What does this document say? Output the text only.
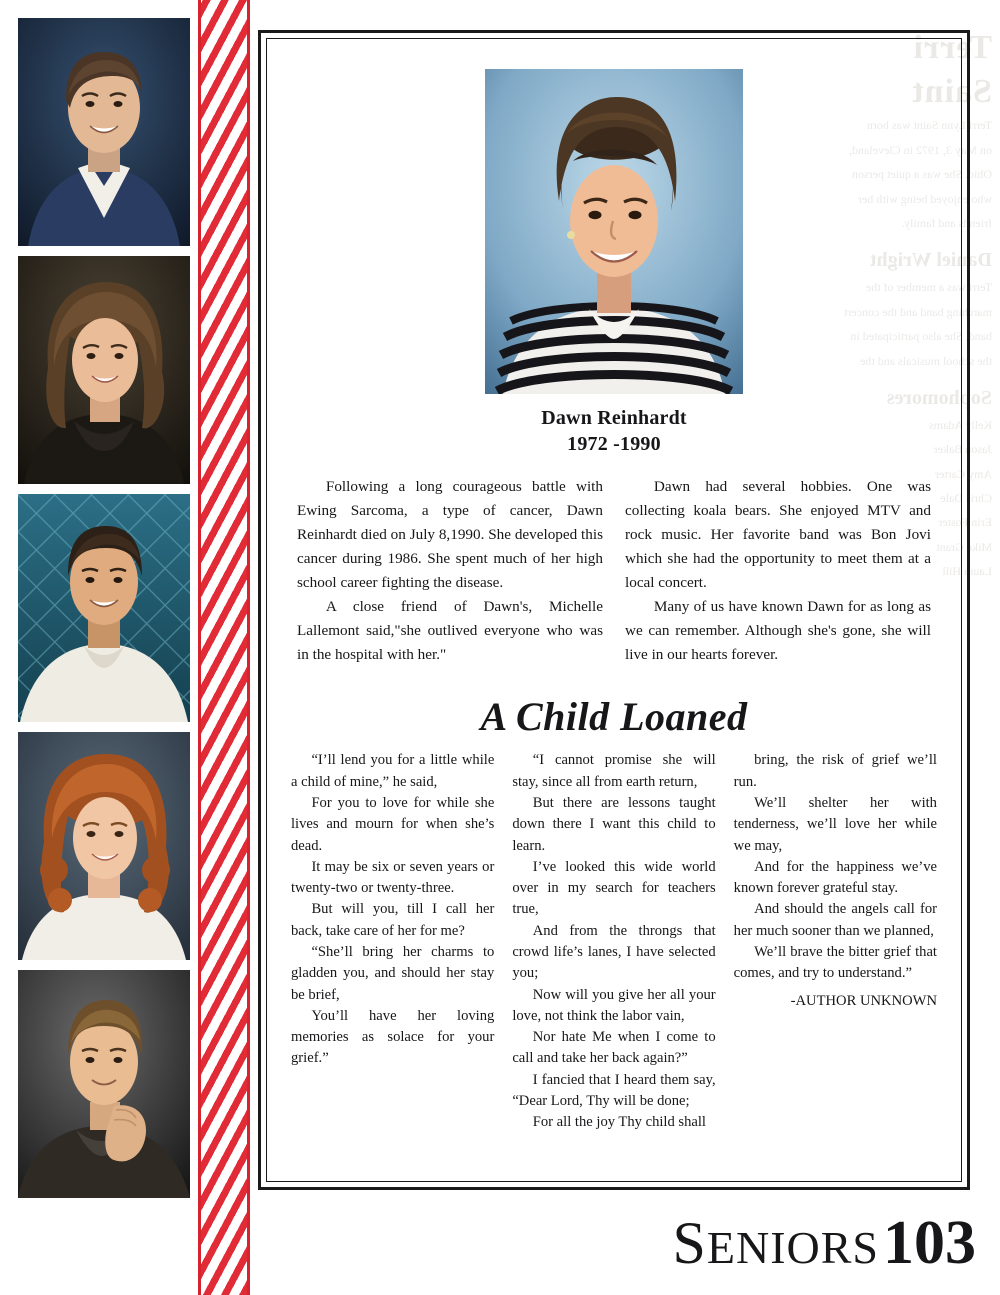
Terri
Saint

Terri Lynn Saint was born

on May 3, 1972 in Cleveland,

Ohio. She was a quiet person

who enjoyed being with her

friends and family.

Daniel Wright

Terri was a member of the

marching band and the concert

band. She also participated in

the school musicals and the

Sophomores

Kelly Adams

Jason Baker

Amy Carter

Chris Dale

Erin Foster

Mike Grant

Laura Hill

Dawn Reinhardt
1972 -1990

Following a long courageous battle with Ewing Sarcoma, a type of cancer, Dawn Reinhardt died on July 8,1990. She developed this cancer during 1986. She spent much of her high school career fighting the disease.

A close friend of Dawn's, Michelle Lallemont said,"she outlived everyone who was in the hospital with her."

Dawn had several hobbies. One was collecting koala bears. She enjoyed MTV and rock music. Her favorite band was Bon Jovi which she had the opportunity to meet them at a local concert.

Many of us have known Dawn for as long as we can remember. Although she's gone, she will live in our hearts forever.

A Child Loaned

“I’ll lend you for a little while a child of mine,” he said,

For you to love for while she lives and mourn for when she’s dead.

It may be six or seven years or twenty-two or twenty-three.

But will you, till I call her back, take care of her for me?

“She’ll bring her charms to gladden you, and should her stay be brief,

You’ll have her loving memories as solace for your grief.”

“I cannot promise she will stay, since all from earth return,

But there are lessons taught down there I want this child to learn.

I’ve looked this wide world over in my search for teachers true,

And from the throngs that crowd life’s lanes, I have selected you;

Now will you give her all your love, not think the labor vain,

Nor hate Me when I come to call and take her back again?”

I fancied that I heard them say, “Dear Lord, Thy will be done;

For all the joy Thy child shall

bring, the risk of grief we’ll run.

We’ll shelter her with tenderness, we’ll love her while we may,

And for the happiness we’ve known forever grateful stay.

And should the angels call for her much sooner than we planned,

We’ll brave the bitter grief that comes, and try to understand.”

-AUTHOR UNKNOWN

SENIORS 103
